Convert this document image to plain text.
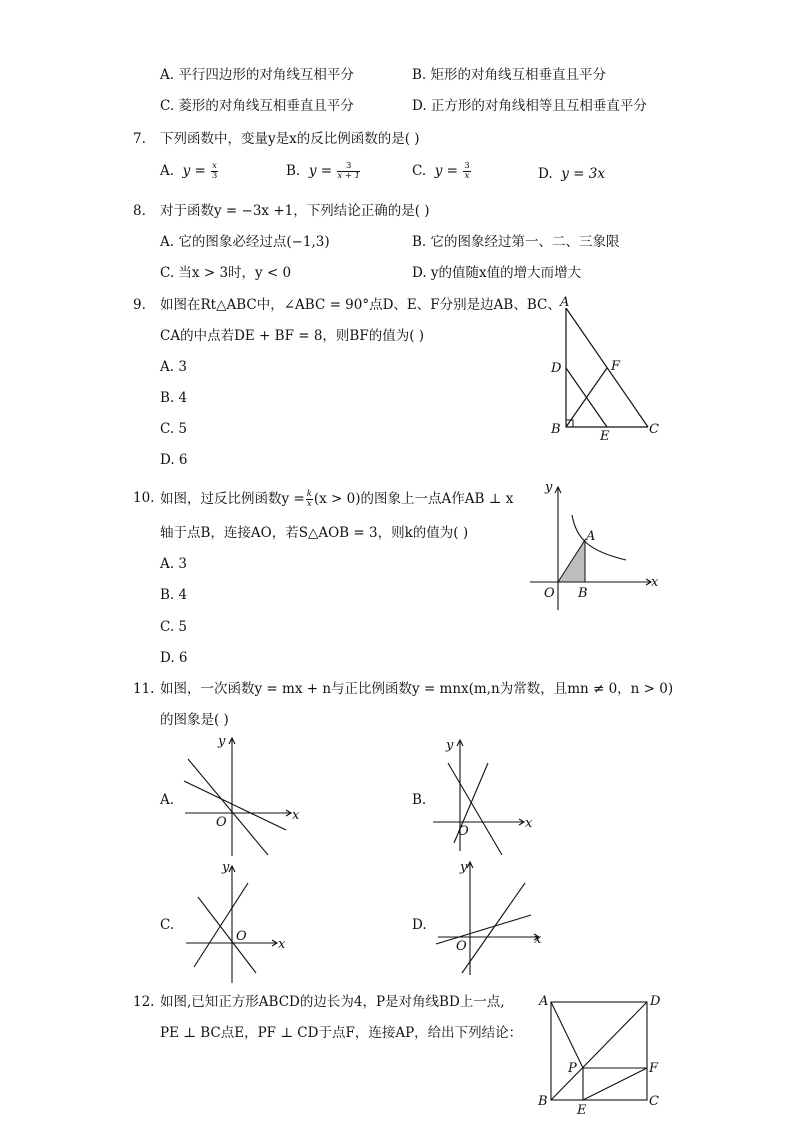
A. 平行四边形的对角线互相平分	B. 矩形的对角线互相垂直且平分
C. 菱形的对角线互相垂直且平分	D. 正方形的对角线相等且互相垂直平分
7. 下列函数中，变量y是x的反比例函数的是( )
A. $y = \frac{x}{3}$	B. $y = \frac{3}{x + 1}$	C. $y = \frac{3}{x}$	D. y = 3x
8. 对于函数y = −3x +1，下列结论正确的是( )
A. 它的图象必经过点(−1,3)	B. 它的图象经过第一、二、三象限
C. 当x > 3时，y < 0	D. y的值随x值的增大而增大
9. 如图在Rt△ABC中，∠ABC = 90°点D、E、F分别是边AB、BC、
CA的中点若DE + BF = 8，则BF的值为( )
A. 3
B. 4
C. 5
D. 6
A
D	F
B	E	C
10. 如图，过反比例函数$y = \frac{k}{x} (x > 0)$的图象上一点A作AB ⊥ x
轴于点B，连接AO，若S△AOB = 3，则k的值为( )
A. 3
B. 4
C. 5
D. 6
y
x
O
A
B
11. 如图，一次函数y = mx + n与正比例函数y = mnx(m,n为常数，且mn ≠ 0，n > 0)
的图象是( )
A.	B.
C.	D.
y
x
O
y
x
O
y
x
O
y
x
O
12. 如图,已知正方形ABCD的边长为4，P是对角线BD上一点,
PE ⊥ BC点E，PF ⊥ CD于点F，连接AP，给出下列结论：
A	D
B	C
P	F
E
